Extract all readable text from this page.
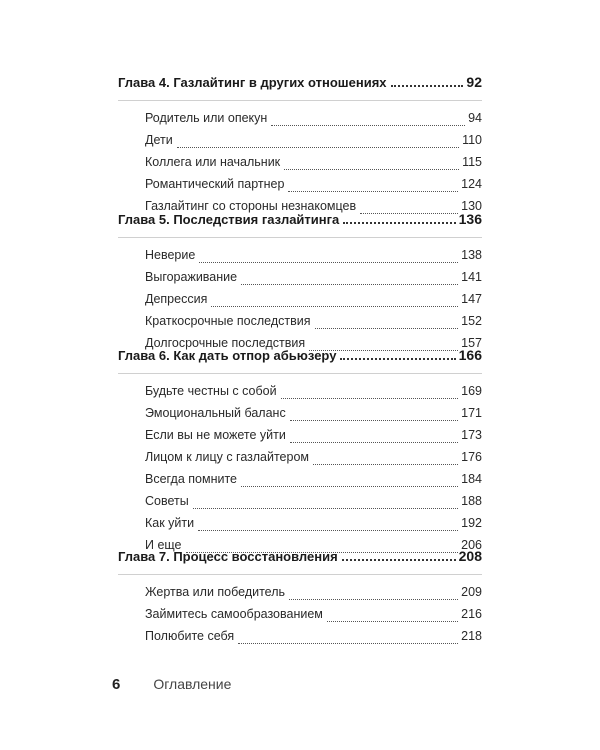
Глава 4. Газлайтинг в других отношениях	92
Родитель или опекун	94
Дети	110
Коллега или начальник	115
Романтический партнер	124
Газлайтинг со стороны незнакомцев	130
Глава 5. Последствия газлайтинга	136
Неверие	138
Выгораживание	141
Депрессия	147
Краткосрочные последствия	152
Долгосрочные последствия	157
Глава 6. Как дать отпор абьюзеру	166
Будьте честны с собой	169
Эмоциональный баланс	171
Если вы не можете уйти	173
Лицом к лицу с газлайтером	176
Всегда помните	184
Советы	188
Как уйти	192
И еще	206
Глава 7. Процесс восстановления	208
Жертва или победитель	209
Займитесь самообразованием	216
Полюбите себя	218
6 Оглавление
